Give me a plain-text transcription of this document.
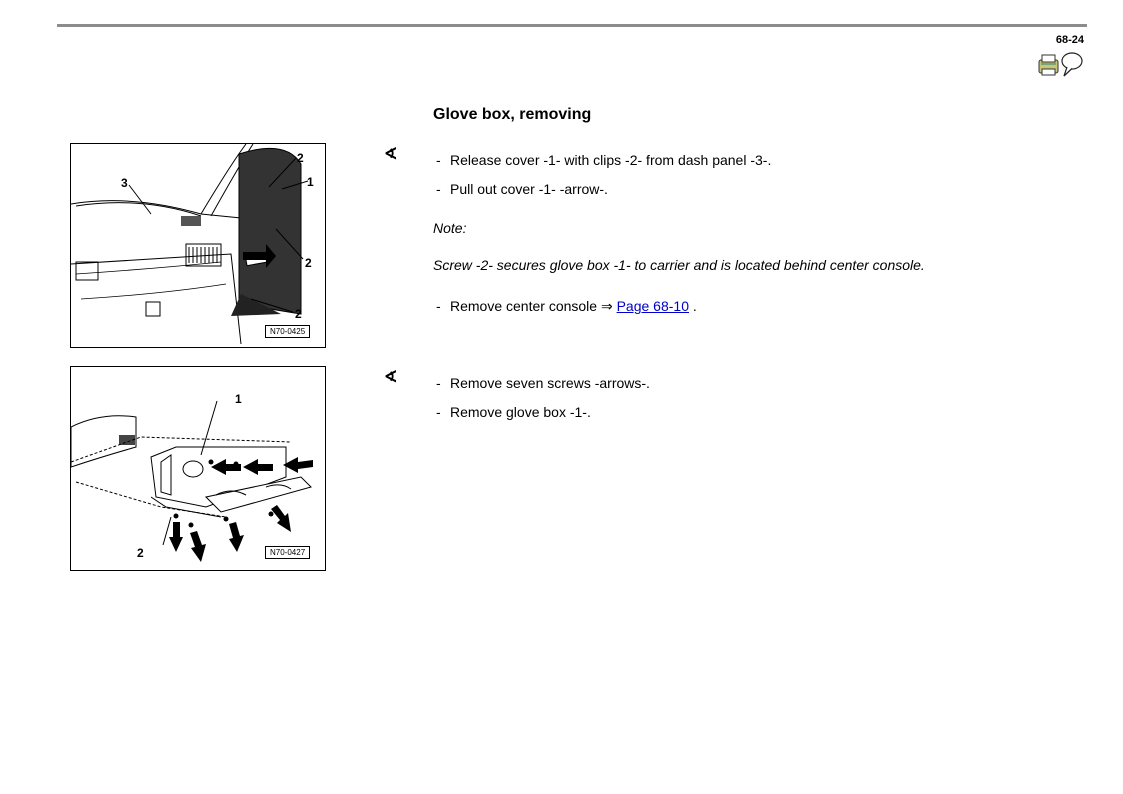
68-24
Glove box, removing
3
2
1
2
2
N70-0425
∢	- Release cover -1- with clips -2- from dash panel -3-.
- Pull out cover -1- -arrow-.
Note:
Screw -2- secures glove box -1- to carrier and is located behind center console.
- Remove center console ⇒ Page 68-10 .
1
2	N70-0427
∢	- Remove seven screws -arrows-.
- Remove glove box -1-.
